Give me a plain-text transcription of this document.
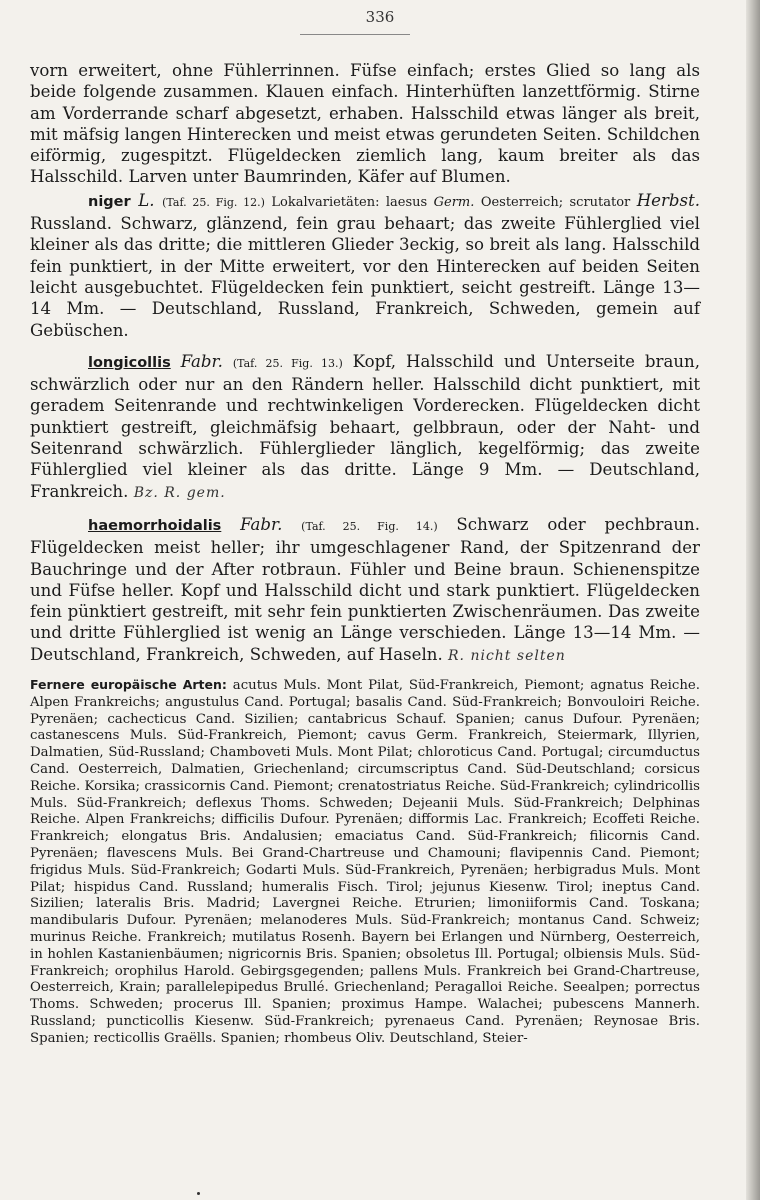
336

vorn erweitert, ohne Fühlerrinnen. Füfse einfach; erstes Glied so lang als beide folgende zusammen. Klauen einfach. Hinterhüften lanzettförmig. Stirne am Vorderrande scharf abgesetzt, erhaben. Halsschild etwas länger als breit, mit mäfsig langen Hinterecken und meist etwas gerundeten Seiten. Schildchen eiförmig, zugespitzt. Flügeldecken ziemlich lang, kaum breiter als das Halsschild. Larven unter Baumrinden, Käfer auf Blumen.

niger L. (Taf. 25. Fig. 12.) Lokalvarietäten: laesus Germ. Oesterreich; scrutator Herbst. Russland. Schwarz, glänzend, fein grau behaart; das zweite Fühlerglied viel kleiner als das dritte; die mittleren Glieder 3eckig, so breit als lang. Halsschild fein punktiert, in der Mitte erweitert, vor den Hinterecken auf beiden Seiten leicht ausgebuchtet. Flügeldecken fein punktiert, seicht gestreift. Länge 13—14 Mm. — Deutschland, Russland, Frankreich, Schweden, gemein auf Gebüschen.

longicollis Fabr. (Taf. 25. Fig. 13.) Kopf, Halsschild und Unterseite braun, schwärzlich oder nur an den Rändern heller. Halsschild dicht punktiert, mit geradem Seitenrande und rechtwinkeligen Vorderecken. Flügeldecken dicht punktiert gestreift, gleichmäfsig behaart, gelbbraun, oder der Naht- und Seitenrand schwärzlich. Fühlerglieder länglich, kegelförmig; das zweite Fühlerglied viel kleiner als das dritte. Länge 9 Mm. — Deutschland, Frankreich. Bz. R. gem.

haemorrhoidalis Fabr. (Taf. 25. Fig. 14.) Schwarz oder pechbraun. Flügeldecken meist heller; ihr umgeschlagener Rand, der Spitzenrand der Bauchringe und der After rotbraun. Fühler und Beine braun. Schienenspitze und Füfse heller. Kopf und Halsschild dicht und stark punktiert. Flügeldecken fein pünktiert gestreift, mit sehr fein punktierten Zwischenräumen. Das zweite und dritte Fühlerglied ist wenig an Länge verschieden. Länge 13—14 Mm. — Deutschland, Frankreich, Schweden, auf Haseln. R. nicht selten

Fernere europäische Arten: acutus Muls. Mont Pilat, Süd-Frankreich, Piemont; agnatus Reiche. Alpen Frankreichs; angustulus Cand. Portugal; basalis Cand. Süd-Frankreich; Bonvouloiri Reiche. Pyrenäen; cachecticus Cand. Sizilien; cantabricus Schauf. Spanien; canus Dufour. Pyrenäen; castanescens Muls. Süd-Frankreich, Piemont; cavus Germ. Frankreich, Steiermark, Illyrien, Dalmatien, Süd-Russland; Chamboveti Muls. Mont Pilat; chloroticus Cand. Portugal; circumductus Cand. Oesterreich, Dalmatien, Griechenland; circumscriptus Cand. Süd-Deutschland; corsicus Reiche. Korsika; crassicornis Cand. Piemont; crenatostriatus Reiche. Süd-Frankreich; cylindricollis Muls. Süd-Frankreich; deflexus Thoms. Schweden; Dejeanii Muls. Süd-Frankreich; Delphinas Reiche. Alpen Frankreichs; difficilis Dufour. Pyrenäen; difformis Lac. Frankreich; Ecoffeti Reiche. Frankreich; elongatus Bris. Andalusien; emaciatus Cand. Süd-Frankreich; filicornis Cand. Pyrenäen; flavescens Muls. Bei Grand-Chartreuse und Chamouni; flavipennis Cand. Piemont; frigidus Muls. Süd-Frankreich; Godarti Muls. Süd-Frankreich, Pyrenäen; herbigradus Muls. Mont Pilat; hispidus Cand. Russland; humeralis Fisch. Tirol; jejunus Kiesenw. Tirol; ineptus Cand. Sizilien; lateralis Bris. Madrid; Lavergnei Reiche. Etrurien; limoniiformis Cand. Toskana; mandibularis Dufour. Pyrenäen; melanoderes Muls. Süd-Frankreich; montanus Cand. Schweiz; murinus Reiche. Frankreich; mutilatus Rosenh. Bayern bei Erlangen und Nürnberg, Oesterreich, in hohlen Kastanienbäumen; nigricornis Bris. Spanien; obsoletus Ill. Portugal; olbiensis Muls. Süd-Frankreich; orophilus Harold. Gebirgsgegenden; pallens Muls. Frankreich bei Grand-Chartreuse, Oesterreich, Krain; parallelepipedus Brullé. Griechenland; Peragalloi Reiche. Seealpen; porrectus Thoms. Schweden; procerus Ill. Spanien; proximus Hampe. Walachei; pubescens Mannerh. Russland; puncticollis Kiesenw. Süd-Frankreich; pyrenaeus Cand. Pyrenäen; Reynosae Bris. Spanien; recticollis Graëlls. Spanien; rhombeus Oliv. Deutschland, Steier-
